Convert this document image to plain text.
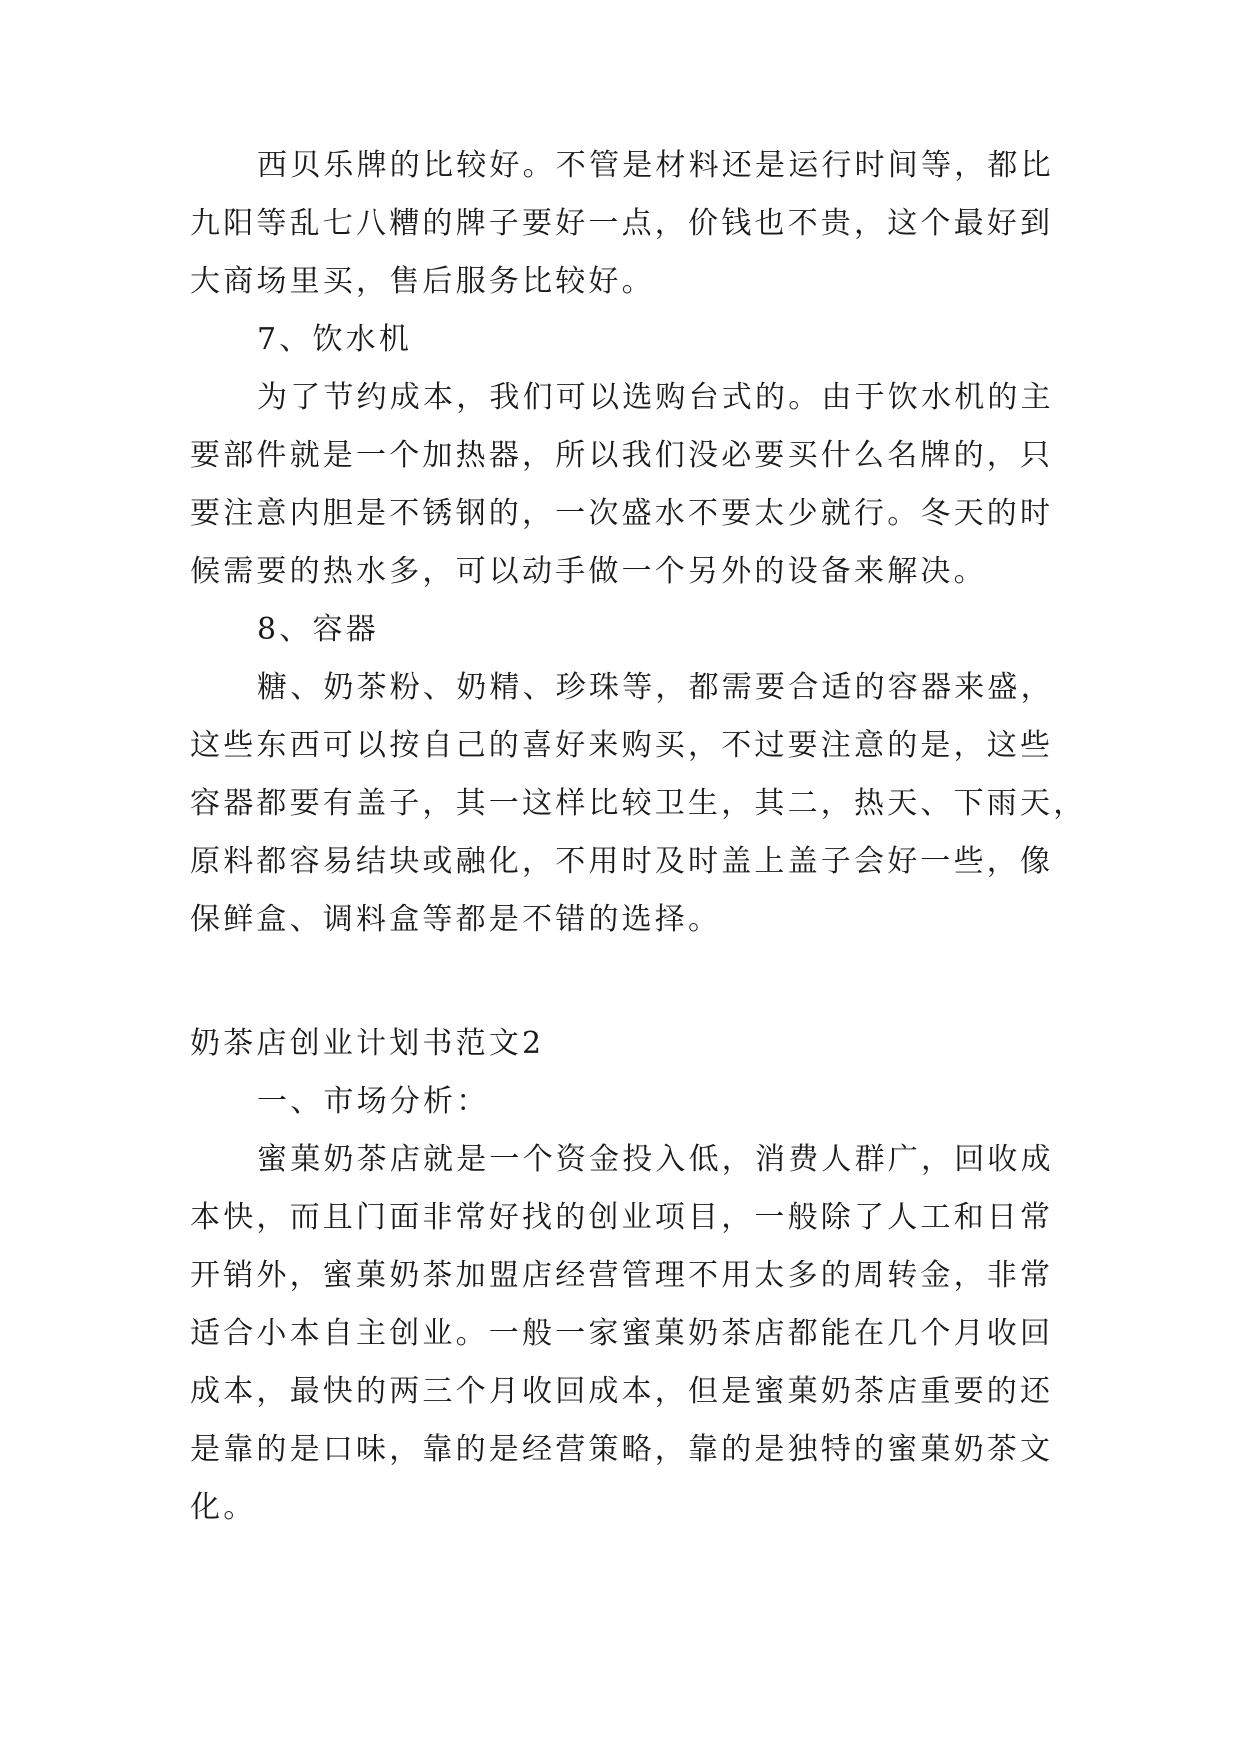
西贝乐牌的比较好。不管是材料还是运行时间等，都比
九阳等乱七八糟的牌子要好一点，价钱也不贵，这个最好到
大商场里买，售后服务比较好。
7、饮水机
为了节约成本，我们可以选购台式的。由于饮水机的主
要部件就是一个加热器，所以我们没必要买什么名牌的，只
要注意内胆是不锈钢的，一次盛水不要太少就行。冬天的时
候需要的热水多，可以动手做一个另外的设备来解决。
8、容器
糖、奶茶粉、奶精、珍珠等，都需要合适的容器来盛，
这些东西可以按自己的喜好来购买，不过要注意的是，这些
容器都要有盖子，其一这样比较卫生，其二，热天、下雨天，
原料都容易结块或融化，不用时及时盖上盖子会好一些，像
保鲜盒、调料盒等都是不错的选择。
奶茶店创业计划书范文2
一、市场分析：
蜜菓奶茶店就是一个资金投入低，消费人群广，回收成
本快，而且门面非常好找的创业项目，一般除了人工和日常
开销外，蜜菓奶茶加盟店经营管理不用太多的周转金，非常
适合小本自主创业。一般一家蜜菓奶茶店都能在几个月收回
成本，最快的两三个月收回成本，但是蜜菓奶茶店重要的还
是靠的是口味，靠的是经营策略，靠的是独特的蜜菓奶茶文
化。
